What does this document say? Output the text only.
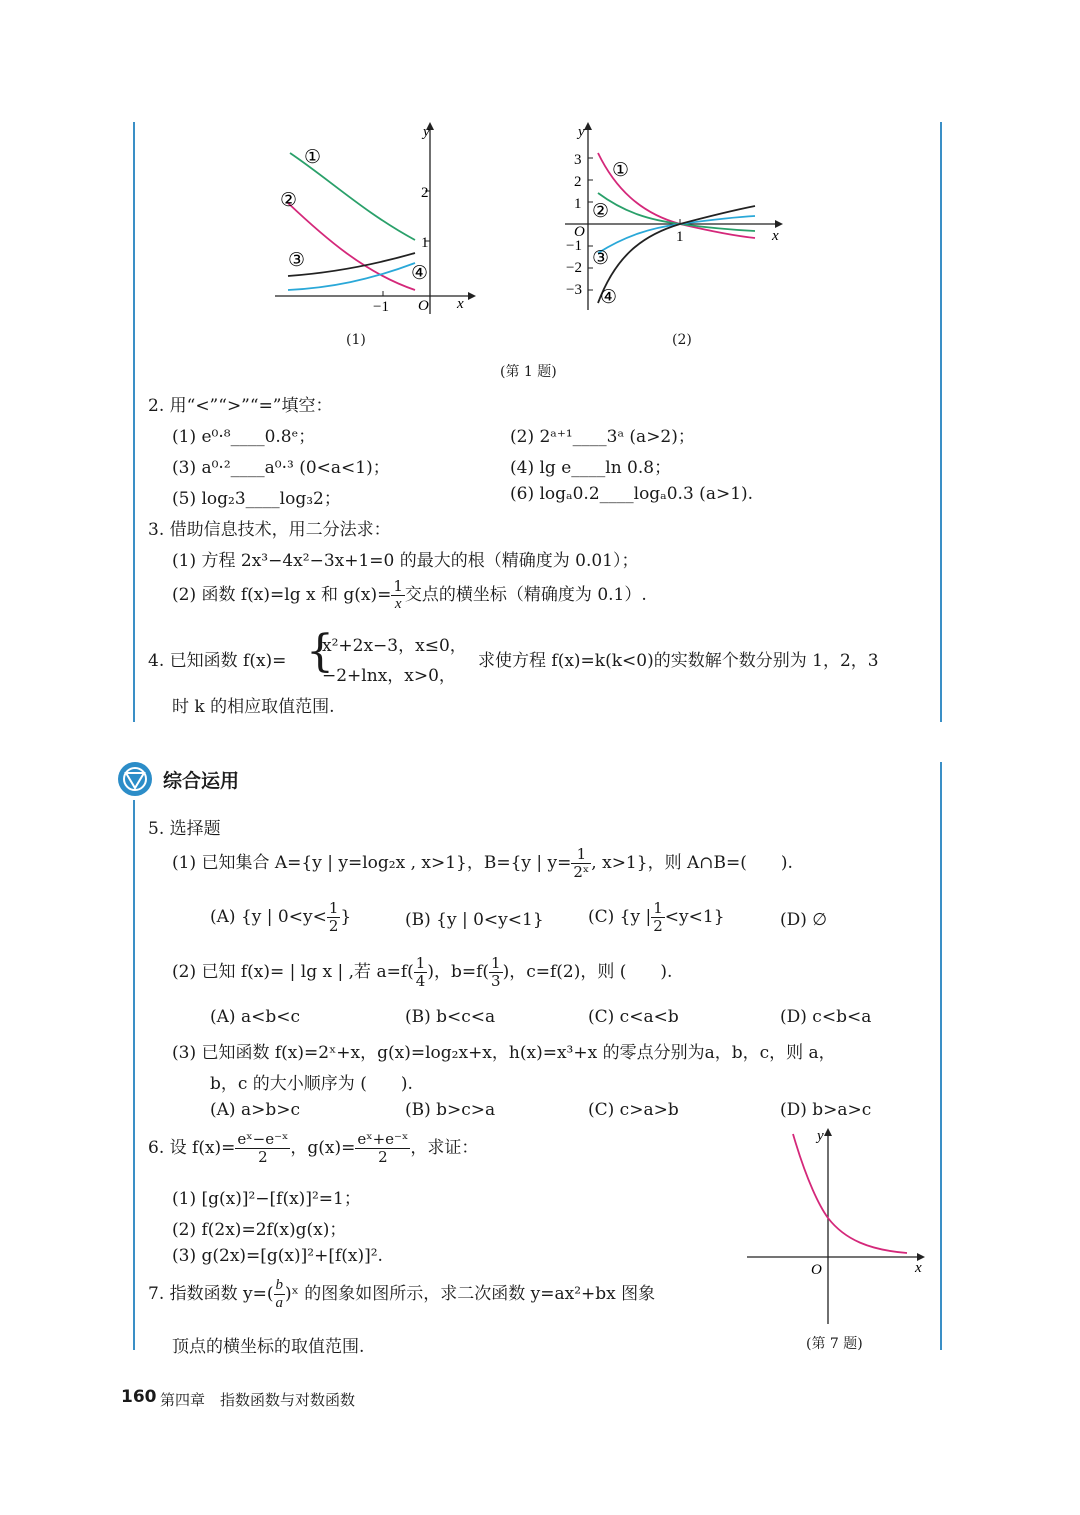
y
x
O
2
1
−1
①
②
③
④
(1)
y
x
O
3
2
1
−1
−2
−3
1
①
②
③
④
(2)
(第 1 题)
2. 用“<”“>”“=”填空：
(1) e⁰·⁸____0.8ᵉ；	(2) 2ᵃ⁺¹____3ᵃ (a>2)；
(3) a⁰·²____a⁰·³ (0<a<1)；	(4) lg e____ln 0.8；
(5) log₂3____log₃2；	(6) logₐ0.2____logₐ0.3 (a>1).
3. 借助信息技术，用二分法求：
(1) 方程 2x³−4x²−3x+1=0 的最大的根（精确度为 0.01）；
(2) 函数 f(x)=lg x 和 $g(x)= \frac{1}{x}$ 交点的横坐标（精确度为 0.1）.
4. 已知函数 f(x)= {
x²+2x−3，x≤0，
−2+lnx，x>0，
求使方程 f(x)=k(k<0)的实数解个数分别为 1，2，3
时 k 的相应取值范围.
综合运用
5. 选择题
(1) 已知集合 A={y | y=log₂x , x>1}，B={y | $y= \frac{1}{\text{2ˣ}}$ , x>1}，则 A∩B=(　　).
(A) {y | $0<y< \frac{1}{2}$ }	(B) {y | 0<y<1}	(C) {y | $\frac{1}{2} <y<1$}	(D) ∅
(2) 已知 f(x)= | lg x | ,若 $a=f( \frac{1}{4}$ )，$b=f( \frac{1}{3}$ )，c=f(2)，则 (　　).
(A) a<b<c	(B) b<c<a	(C) c<a<b	(D) c<b<a
(3) 已知函数 f(x)=2ˣ+x，g(x)=log₂x+x，h(x)=x³+x 的零点分别为a，b，c，则 a，
b，c 的大小顺序为 (　　).
(A) a>b>c	(B) b>c>a	(C) c>a>b	(D) b>a>c
6. 设 $f(x)= \frac{\text{eˣ−e⁻ˣ}}{2}$ ，$g(x)= \frac{\text{eˣ+e⁻ˣ}}{2}$ ，求证：
(1) [g(x)]²−[f(x)]²=1；
(2) f(2x)=2f(x)g(x)；
(3) g(2x)=[g(x)]²+[f(x)]².
7. 指数函数 $y=( \frac{b}{a}$ )ˣ 的图象如图所示，求二次函数 y=ax²+bx 图象
顶点的横坐标的取值范围.
y
x
O
(第 7 题)
160 第四章　指数函数与对数函数
